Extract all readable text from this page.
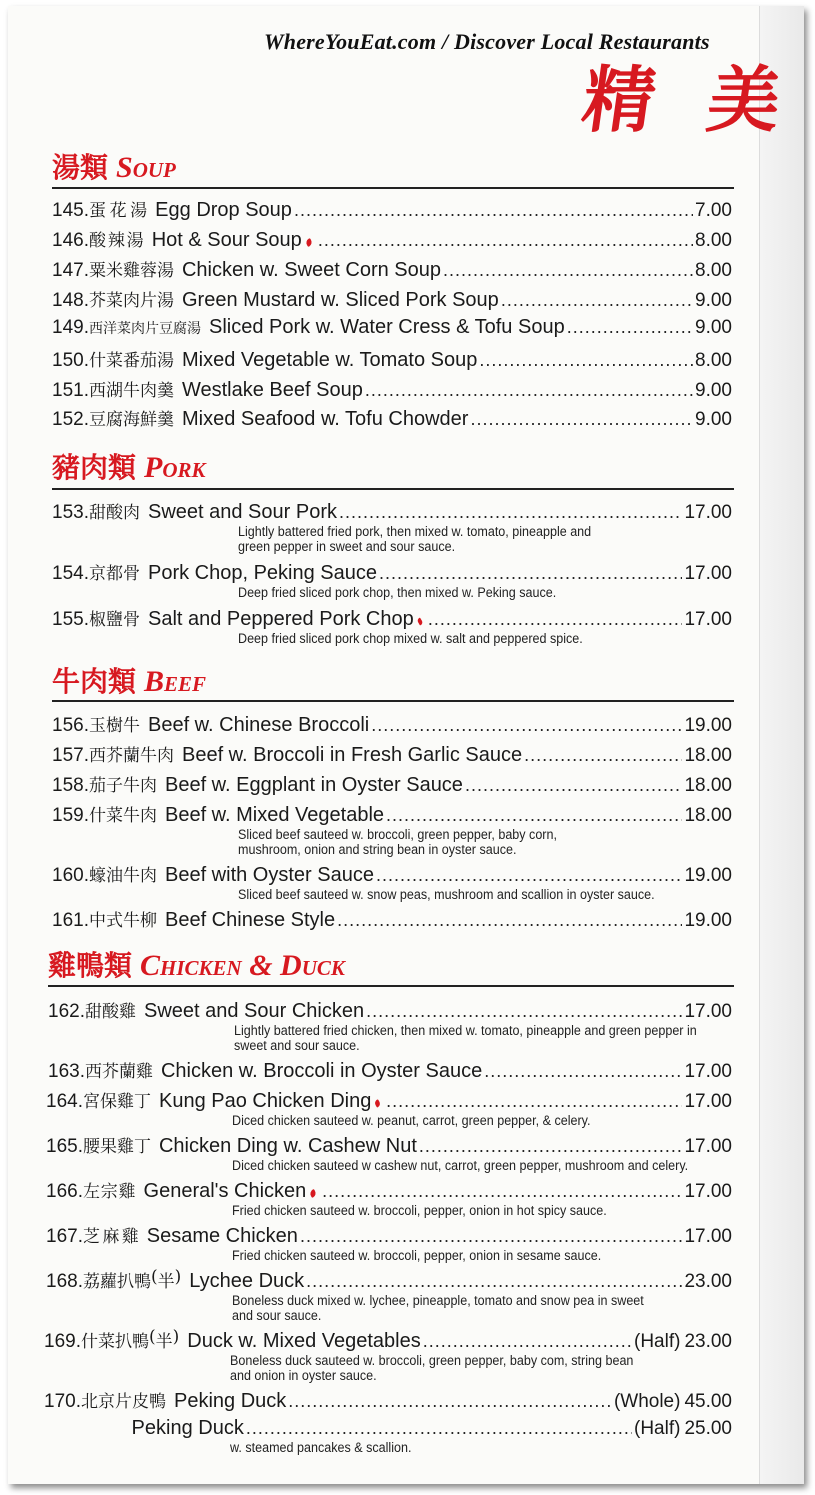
WhereYouEat.com / Discover Local Restaurants
精 美
湯類 Soup
豬肉類 Pork
牛肉類 Beef
雞鴨類 Chicken & Duck
145. 蛋 花 湯 Egg Drop Soup .....	7.00
146. 酸 辣 湯 Hot & Sour Soup .....	8.00
147. 粟 米 雞 蓉 湯 Chicken w. Sweet Corn Soup .....	8.00
148. 芥 菜 肉 片 湯 Green Mustard w. Sliced Pork Soup .....	9.00
149. 西 洋 菜 肉 片 豆 腐 湯 Sliced Pork w. Water Cress & Tofu Soup .....	9.00
150. 什 菜 番 茄 湯 Mixed Vegetable w. Tomato Soup .....	8.00
151. 西 湖 牛 肉 羹 Westlake Beef Soup .....	9.00
152. 豆 腐 海 鮮 羹 Mixed Seafood w. Tofu Chowder .....	9.00
153. 甜 酸 肉 Sweet and Sour Pork .....	17.00
Lightly battered fried pork, then mixed w. tomato, pineapple and
green pepper in sweet and sour sauce.
154. 京 都 骨 Pork Chop, Peking Sauce .....	17.00
Deep fried sliced pork chop, then mixed w. Peking sauce.
155. 椒 鹽 骨 Salt and Peppered Pork Chop .....	17.00
Deep fried sliced pork chop mixed w. salt and peppered spice.
156. 玉 樹 牛 Beef w. Chinese Broccoli .....	19.00
157. 西 芥 蘭 牛 肉 Beef w. Broccoli in Fresh Garlic Sauce .....	18.00
158. 茄 子 牛 肉 Beef w. Eggplant in Oyster Sauce .....	18.00
159. 什 菜 牛 肉 Beef w. Mixed Vegetable .....	18.00
Sliced beef sauteed w. broccoli, green pepper, baby corn,
mushroom, onion and string bean in oyster sauce.
160. 蠔 油 牛 肉 Beef with Oyster Sauce .....	19.00
Sliced beef sauteed w. snow peas, mushroom and scallion in oyster sauce.
161. 中 式 牛 柳 Beef Chinese Style .....	19.00
162. 甜 酸 雞 Sweet and Sour Chicken .....	17.00
Lightly battered fried chicken, then mixed w. tomato, pineapple and green pepper in
sweet and sour sauce.
163. 西 芥 蘭 雞 Chicken w. Broccoli in Oyster Sauce .....	17.00
164. 宮 保 雞 丁 Kung Pao Chicken Ding .....	17.00
Diced chicken sauteed w. peanut, carrot, green pepper, & celery.
165. 腰 果 雞 丁 Chicken Ding w. Cashew Nut .....	17.00
Diced chicken sauteed w cashew nut, carrot, green pepper, mushroom and celery.
166. 左 宗 雞 General's Chicken .....	17.00
Fried chicken sauteed w. broccoli, pepper, onion in hot spicy sauce.
167. 芝 麻 雞 Sesame Chicken .....	17.00
Fried chicken sauteed w. broccoli, pepper, onion in sesame sauce.
168. 荔 蘿 扒 鴨 ( 半 ) Lychee Duck .....	23.00
Boneless duck mixed w. lychee, pineapple, tomato and snow pea in sweet
and sour sauce.
169. 什 菜 扒 鴨 ( 半 ) Duck w. Mixed Vegetables .....	(Half) 23.00
Boneless duck sauteed w. broccoli, green pepper, baby com, string bean
and onion in oyster sauce.
170. 北 京 片 皮 鴨 Peking Duck .....	(Whole) 45.00
Peking Duck .....	(Half) 25.00
w. steamed pancakes & scallion.
